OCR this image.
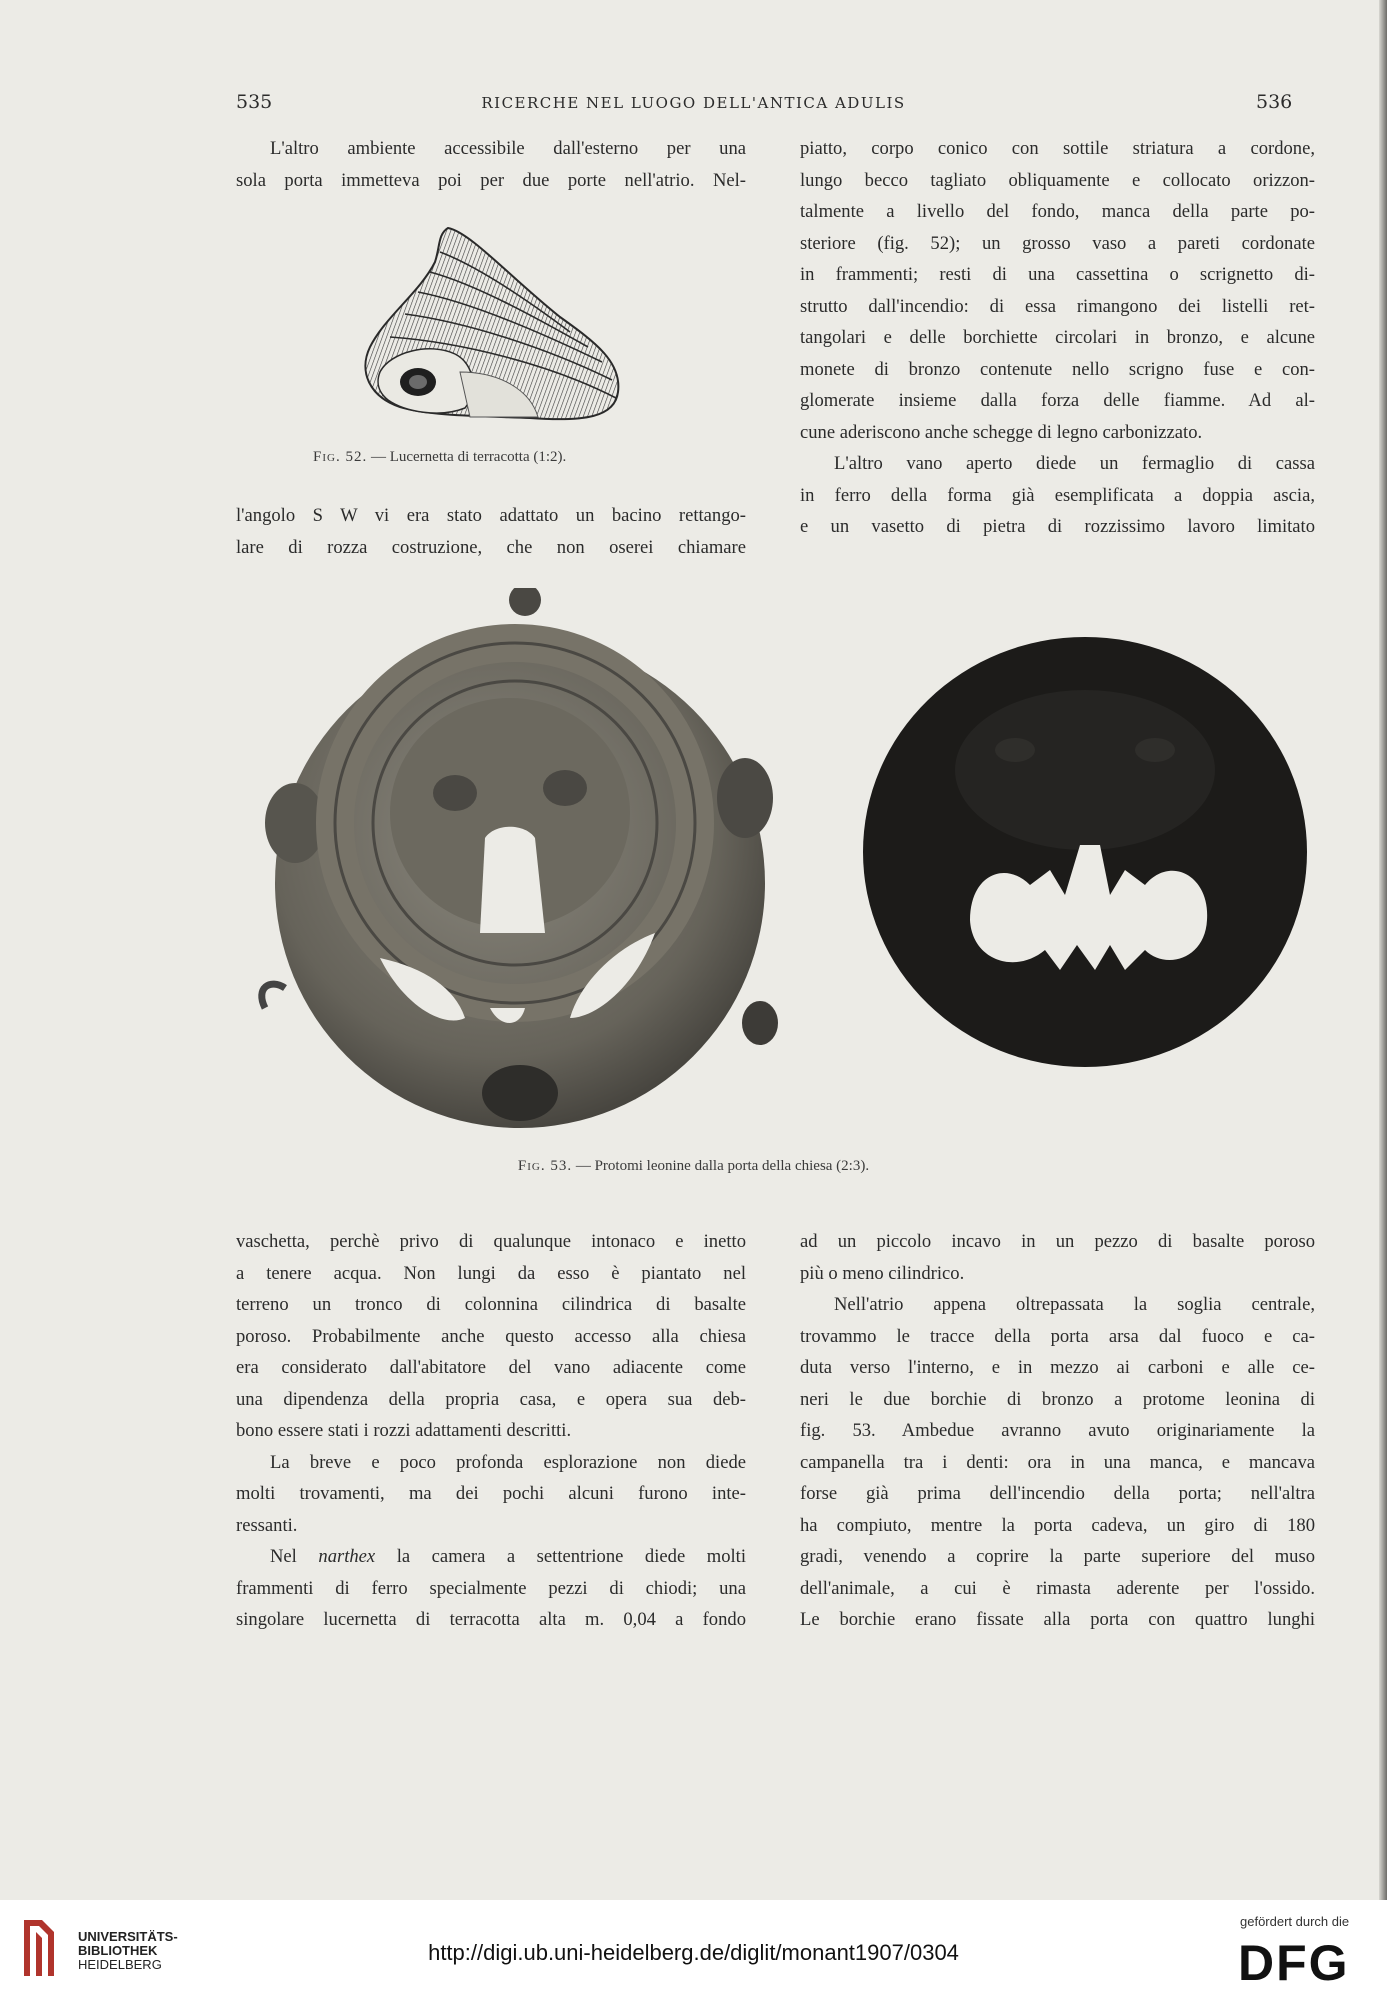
535	RICERCHE NEL LUOGO DELL'ANTICA ADULIS	536
L'altro ambiente accessibile dall'esterno per una
sola porta immetteva poi per due porte nell'atrio. Nel-
Fig. 52. — Lucernetta di terracotta (1:2).
l'angolo S W vi era stato adattato un bacino rettango-
lare di rozza costruzione, che non oserei chiamare
piatto, corpo conico con sottile striatura a cordone,
lungo becco tagliato obliquamente e collocato orizzon-
talmente a livello del fondo, manca della parte po-
steriore (fig. 52); un grosso vaso a pareti cordonate
in frammenti; resti di una cassettina o scrignetto di-
strutto dall'incendio: di essa rimangono dei listelli ret-
tangolari e delle borchiette circolari in bronzo, e alcune
monete di bronzo contenute nello scrigno fuse e con-
glomerate insieme dalla forza delle fiamme. Ad al-
cune aderiscono anche schegge di legno carbonizzato.
L'altro vano aperto diede un fermaglio di cassa
in ferro della forma già esemplificata a doppia ascia,
e un vasetto di pietra di rozzissimo lavoro limitato
Fig. 53. — Protomi leonine dalla porta della chiesa (2:3).
vaschetta, perchè privo di qualunque intonaco e inetto
a tenere acqua. Non lungi da esso è piantato nel
terreno un tronco di colonnina cilindrica di basalte
poroso. Probabilmente anche questo accesso alla chiesa
era considerato dall'abitatore del vano adiacente come
una dipendenza della propria casa, e opera sua deb-
bono essere stati i rozzi adattamenti descritti.
La breve e poco profonda esplorazione non diede
molti trovamenti, ma dei pochi alcuni furono inte-
ressanti.
Nel narthex la camera a settentrione diede molti
frammenti di ferro specialmente pezzi di chiodi; una
singolare lucernetta di terracotta alta m. 0,04 a fondo
ad un piccolo incavo in un pezzo di basalte poroso
più o meno cilindrico.
Nell'atrio appena oltrepassata la soglia centrale,
trovammo le tracce della porta arsa dal fuoco e ca-
duta verso l'interno, e in mezzo ai carboni e alle ce-
neri le due borchie di bronzo a protome leonina di
fig. 53. Ambedue avranno avuto originariamente la
campanella tra i denti: ora in una manca, e mancava
forse già prima dell'incendio della porta; nell'altra
ha compiuto, mentre la porta cadeva, un giro di 180
gradi, venendo a coprire la parte superiore del muso
dell'animale, a cui è rimasta aderente per l'ossido.
Le borchie erano fissate alla porta con quattro lunghi
UNIVERSITÄTS-
BIBLIOTHEK
HEIDELBERG	http://digi.ub.uni-heidelberg.de/diglit/monant1907/0304
gefördert durch die
DFG
